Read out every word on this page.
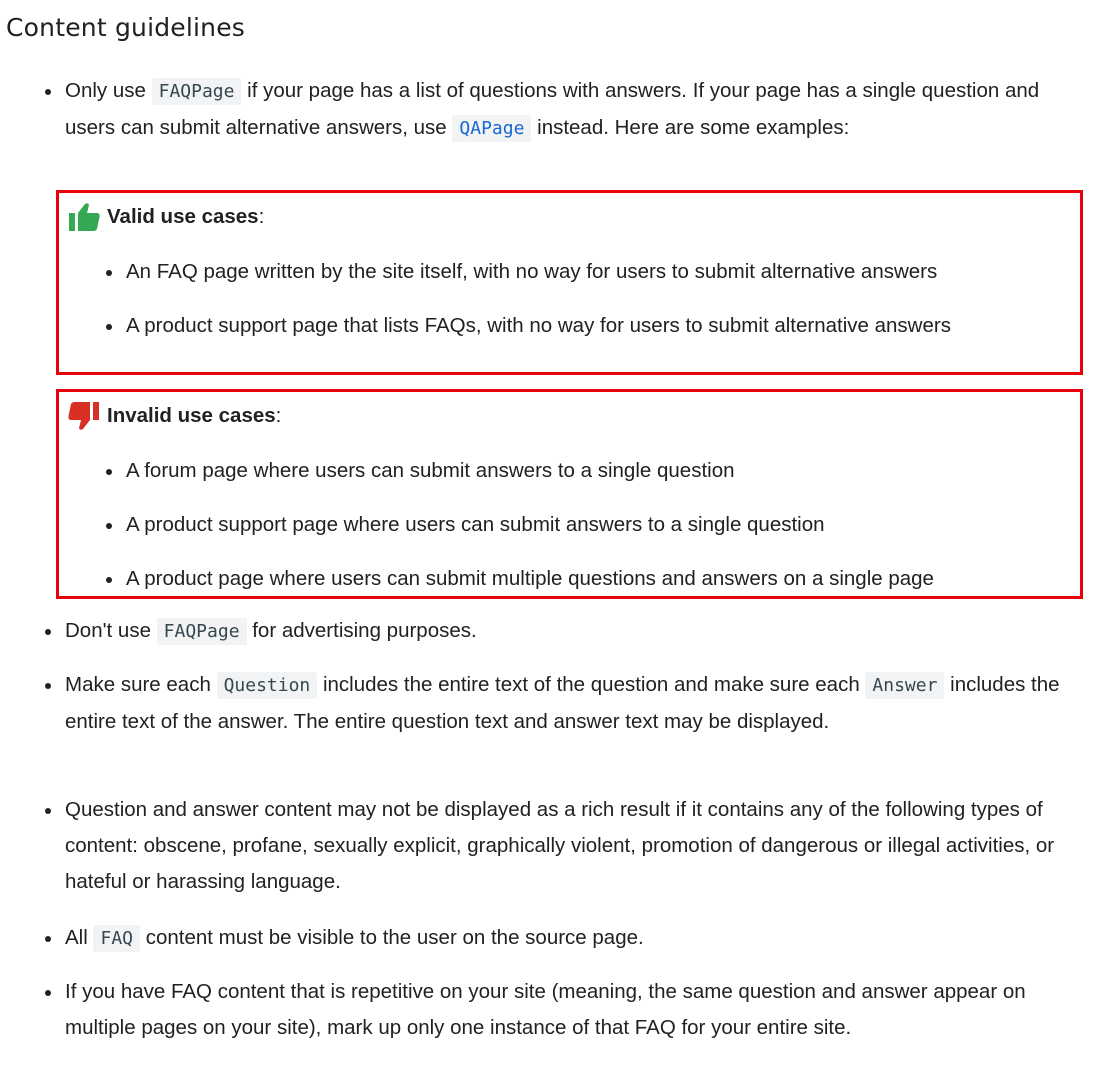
Content guidelines
Only use FAQPage if your page has a list of questions with answers. If your page has a single question and users can submit alternative answers, use QAPage instead. Here are some examples:
Don't use FAQPage for advertising purposes.
Make sure each Question includes the entire text of the question and make sure each Answer includes the entire text of the answer. The entire question text and answer text may be displayed.
Question and answer content may not be displayed as a rich result if it contains any of the following types of content: obscene, profane, sexually explicit, graphically violent, promotion of dangerous or illegal activities, or hateful or harassing language.
All FAQ content must be visible to the user on the source page.
If you have FAQ content that is repetitive on your site (meaning, the same question and answer appear on multiple pages on your site), mark up only one instance of that FAQ for your entire site.
Valid use cases :
An FAQ page written by the site itself, with no way for users to submit alternative answers
A product support page that lists FAQs, with no way for users to submit alternative answers
Invalid use cases :
A forum page where users can submit answers to a single question
A product support page where users can submit answers to a single question
A product page where users can submit multiple questions and answers on a single page
